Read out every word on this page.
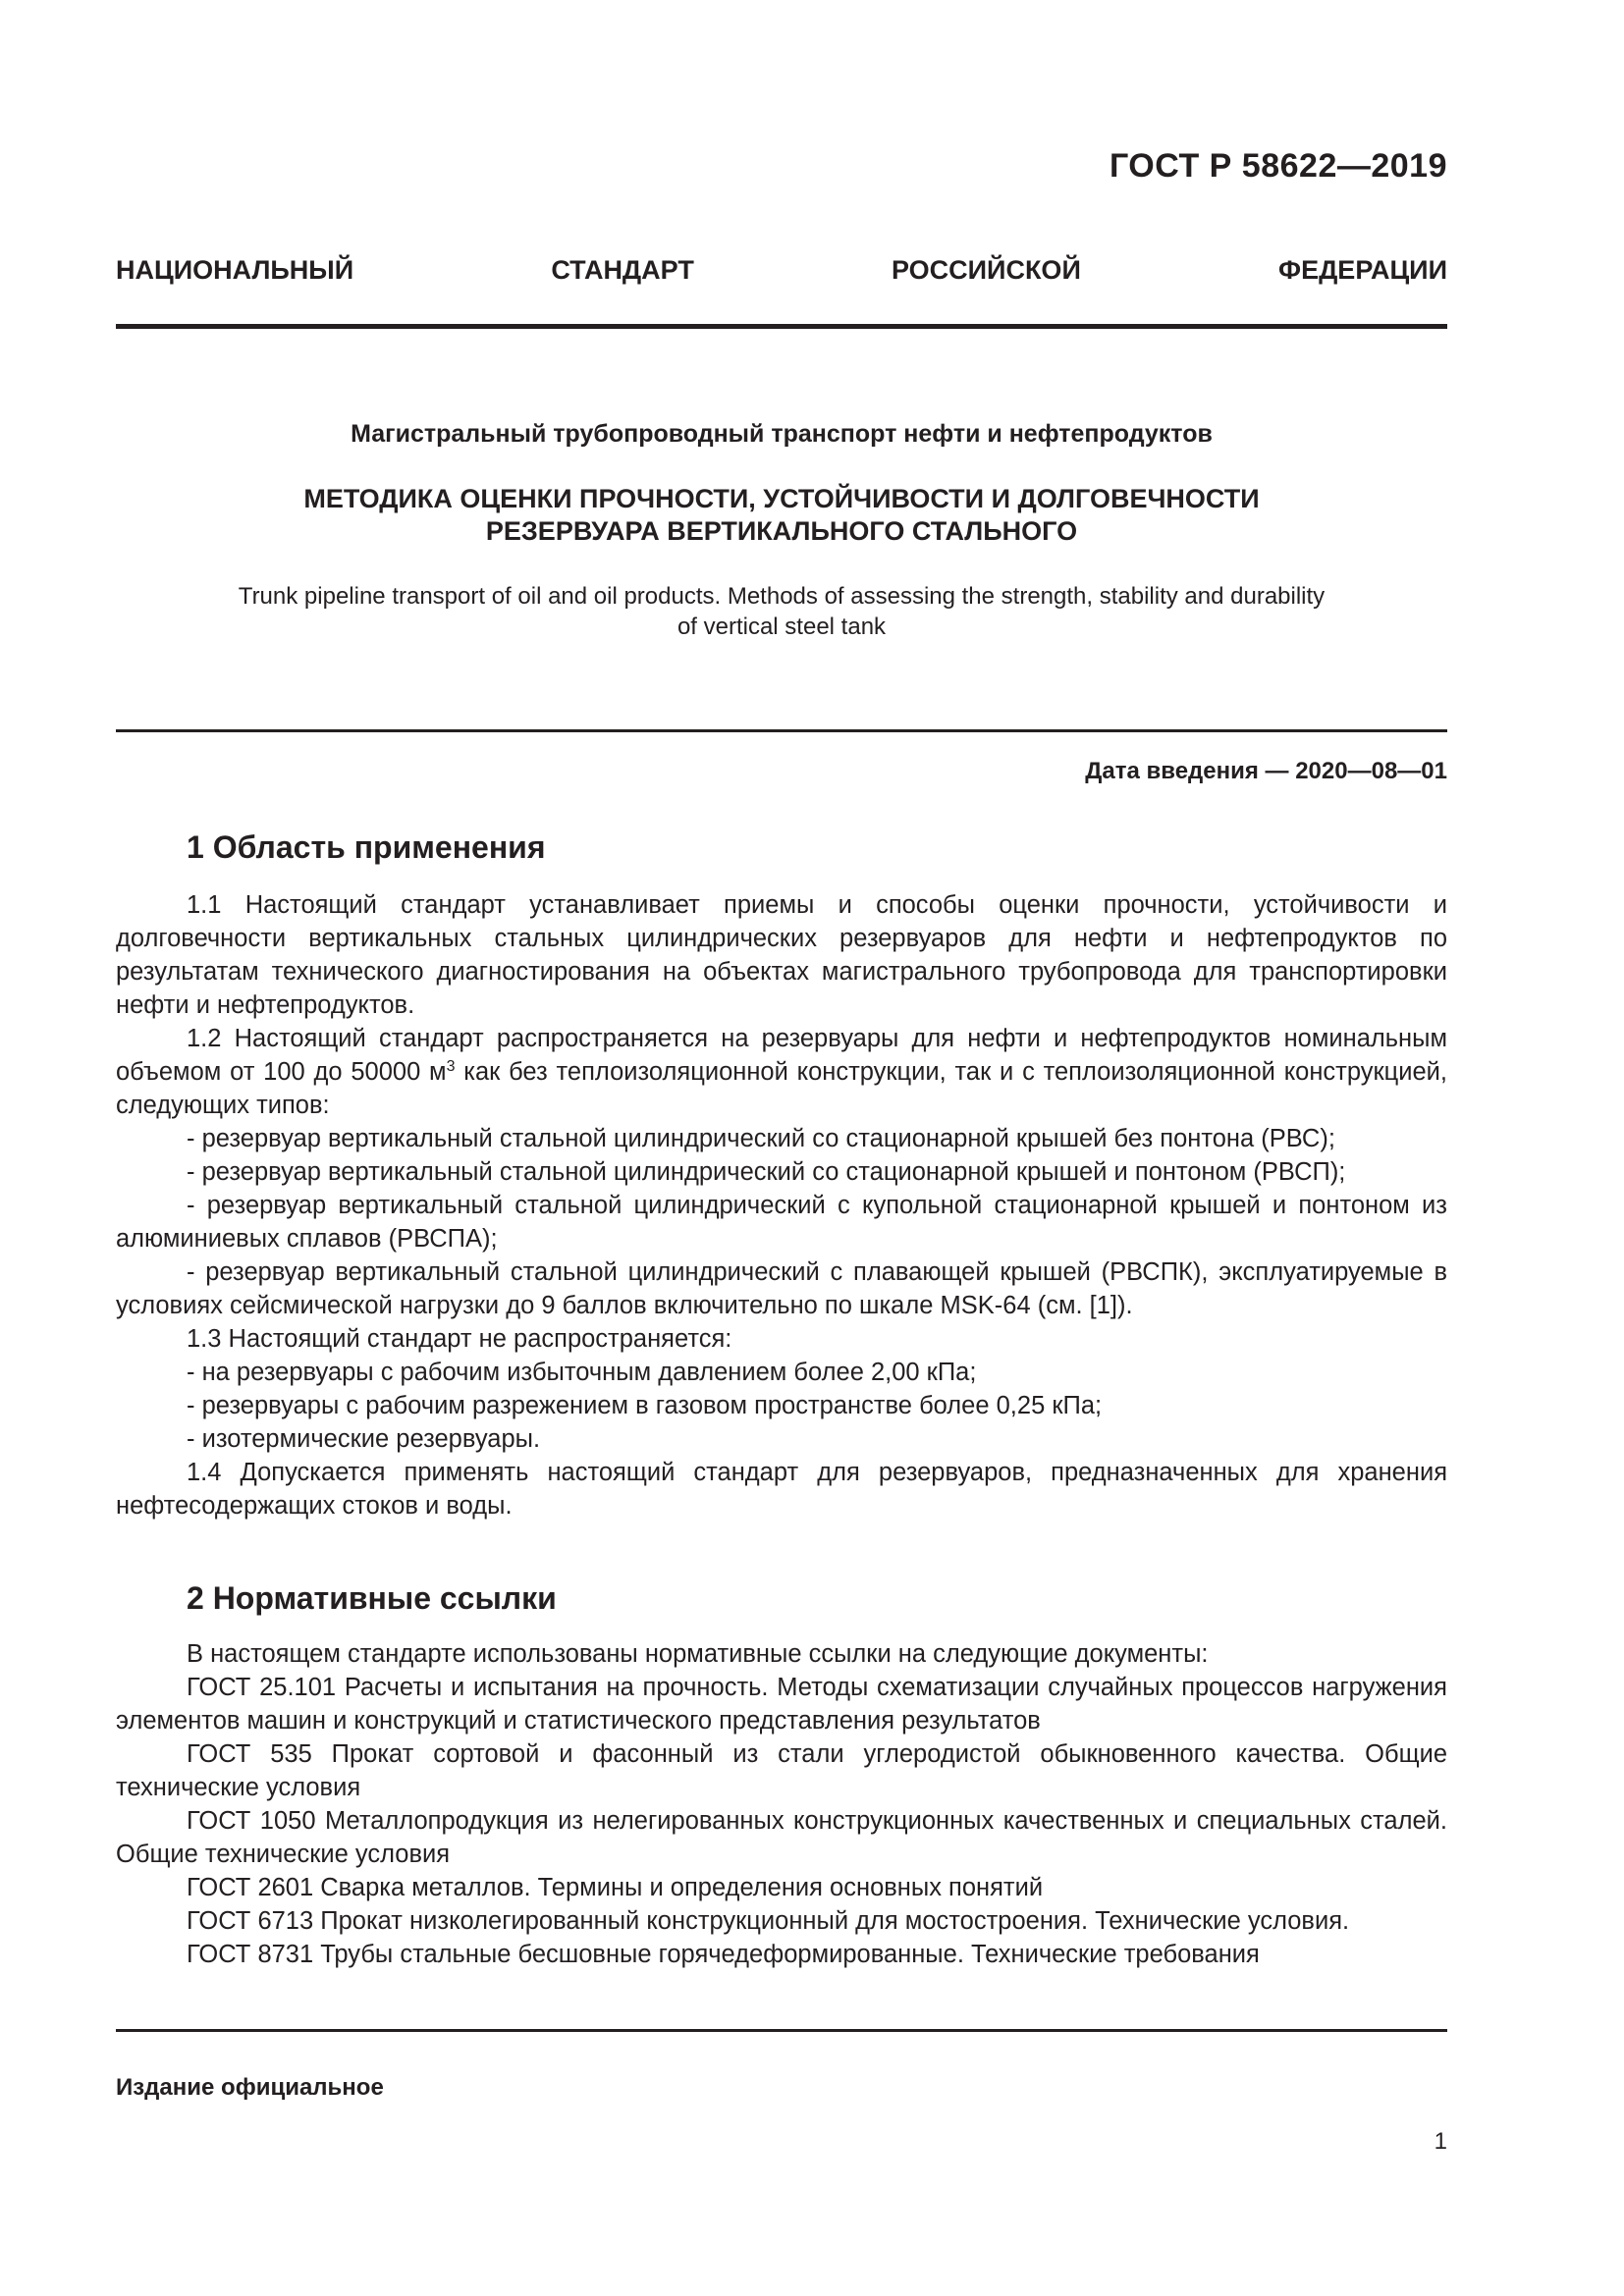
ГОСТ Р 58622—2019
НАЦИОНАЛЬНЫЙ СТАНДАРТ РОССИЙСКОЙ ФЕДЕРАЦИИ
Магистральный трубопроводный транспорт нефти и нефтепродуктов
МЕТОДИКА ОЦЕНКИ ПРОЧНОСТИ, УСТОЙЧИВОСТИ И ДОЛГОВЕЧНОСТИ
РЕЗЕРВУАРА ВЕРТИКАЛЬНОГО СТАЛЬНОГО
Trunk pipeline transport of oil and oil products. Methods of assessing the strength, stability and durability
of vertical steel tank
Дата введения — 2020—08—01
1 Область применения

1.1 Настоящий стандарт устанавливает приемы и способы оценки прочности, устойчивости и долговечности вертикальных стальных цилиндрических резервуаров для нефти и нефтепродуктов по результатам технического диагностирования на объектах магистрального трубопровода для транспортировки нефти и нефтепродуктов.

1.2 Настоящий стандарт распространяется на резервуары для нефти и нефтепродуктов номинальным объемом от 100 до 50000 $м^3$ как без теплоизоляционной конструкции, так и с теплоизоляционной конструкцией, следующих типов:

- резервуар вертикальный стальной цилиндрический со стационарной крышей без понтона (РВС);

- резервуар вертикальный стальной цилиндрический со стационарной крышей и понтоном (РВСП);

- резервуар вертикальный стальной цилиндрический с купольной стационарной крышей и понтоном из алюминиевых сплавов (РВСПА);

- резервуар вертикальный стальной цилиндрический с плавающей крышей (РВСПК), эксплуатируемые в условиях сейсмической нагрузки до 9 баллов включительно по шкале MSK-64 (см. [1]).

1.3 Настоящий стандарт не распространяется:

- на резервуары с рабочим избыточным давлением более 2,00 кПа;

- резервуары с рабочим разрежением в газовом пространстве более 0,25 кПа;

- изотермические резервуары.

1.4 Допускается применять настоящий стандарт для резервуаров, предназначенных для хранения нефтесодержащих стоков и воды.

2 Нормативные ссылки

В настоящем стандарте использованы нормативные ссылки на следующие документы:

ГОСТ 25.101 Расчеты и испытания на прочность. Методы схематизации случайных процессов нагружения элементов машин и конструкций и статистического представления результатов

ГОСТ 535 Прокат сортовой и фасонный из стали углеродистой обыкновенного качества. Общие технические условия

ГОСТ 1050 Металлопродукция из нелегированных конструкционных качественных и специальных сталей. Общие технические условия

ГОСТ 2601 Сварка металлов. Термины и определения основных понятий

ГОСТ 6713 Прокат низколегированный конструкционный для мостостроения. Технические условия.

ГОСТ 8731 Трубы стальные бесшовные горячедеформированные. Технические требования

Издание официальное
1
